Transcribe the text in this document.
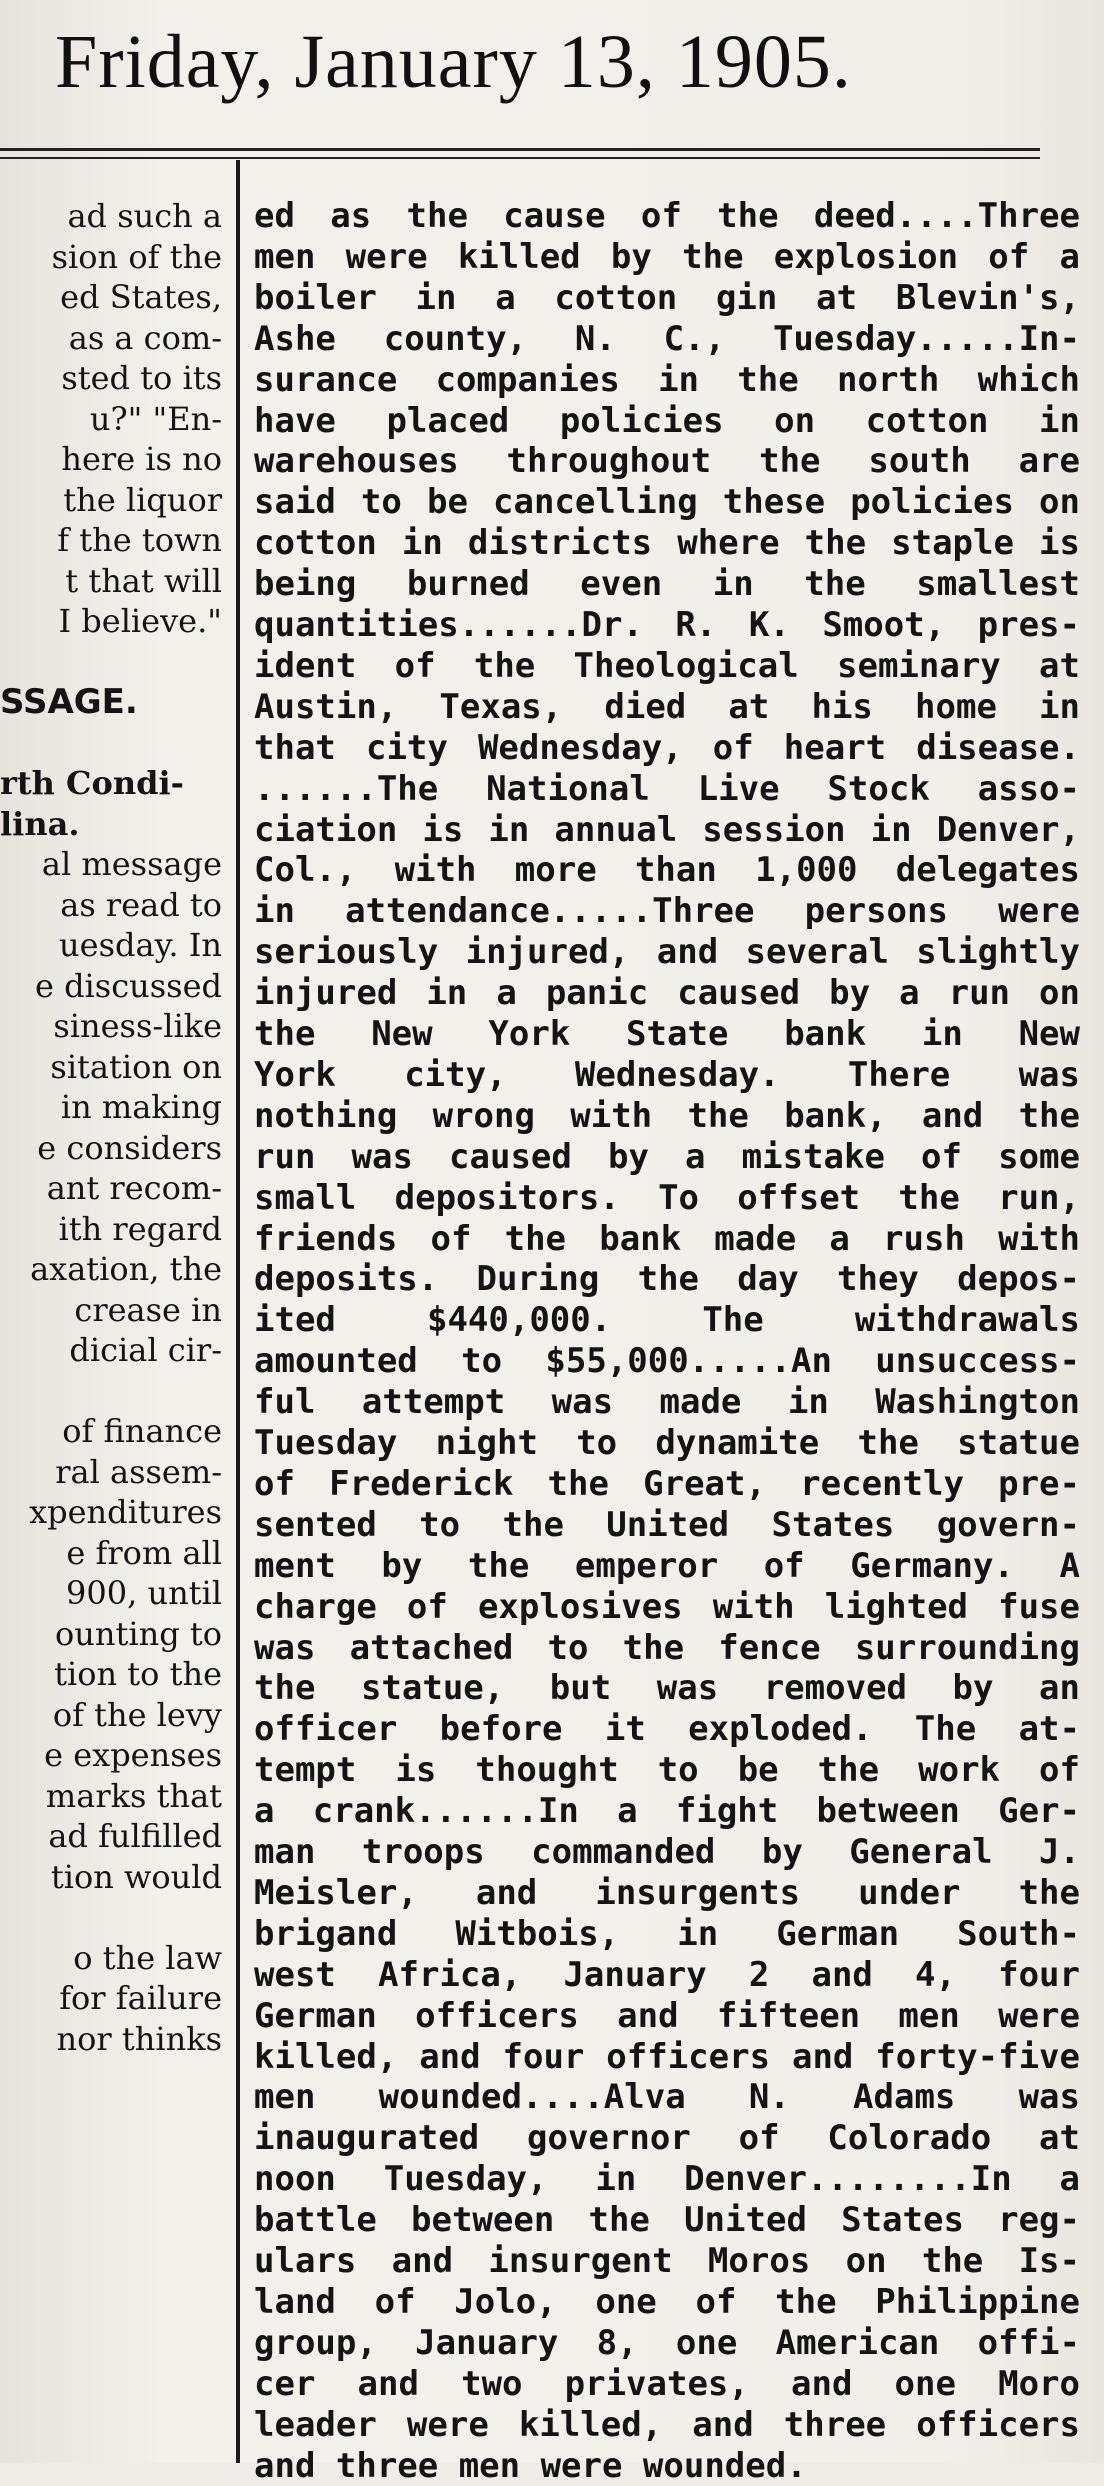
Friday, January 13, 1905.
ad such a
sion of the
ed States,
as a com-
sted to its
u?" "En-
here is no
the liquor
f the town
t that will
I believe."
SSAGE.
rth Condi-
lina.
al message
as read to
uesday. In
e discussed
siness-like
sitation on
in making
e considers
ant recom-
ith regard
axation, the
crease in
dicial cir-
of finance
ral assem-
xpenditures
e from all
900, until
ounting to
tion to the
of the levy
e expenses
marks that
ad fulfilled
tion would
o the law
for failure
nor thinks
ed as the cause of the deed....Three
men were killed by the explosion of a
boiler in a cotton gin at Blevin's,
Ashe county, N. C., Tuesday.....In-
surance companies in the north which
have placed policies on cotton in
warehouses throughout the south are
said to be cancelling these policies on
cotton in districts where the staple is
being burned even in the smallest
quantities......Dr. R. K. Smoot, pres-
ident of the Theological seminary at
Austin, Texas, died at his home in
that city Wednesday, of heart disease.
......The National Live Stock asso-
ciation is in annual session in Denver,
Col., with more than 1,000 delegates
in attendance.....Three persons were
seriously injured, and several slightly
injured in a panic caused by a run on
the New York State bank in New
York city, Wednesday. There was
nothing wrong with the bank, and the
run was caused by a mistake of some
small depositors. To offset the run,
friends of the bank made a rush with
deposits. During the day they depos-
ited $440,000. The withdrawals
amounted to $55,000.....An unsuccess-
ful attempt was made in Washington
Tuesday night to dynamite the statue
of Frederick the Great, recently pre-
sented to the United States govern-
ment by the emperor of Germany. A
charge of explosives with lighted fuse
was attached to the fence surrounding
the statue, but was removed by an
officer before it exploded. The at-
tempt is thought to be the work of
a crank......In a fight between Ger-
man troops commanded by General J.
Meisler, and insurgents under the
brigand Witbois, in German South-
west Africa, January 2 and 4, four
German officers and fifteen men were
killed, and four officers and forty-five
men wounded....Alva N. Adams was
inaugurated governor of Colorado at
noon Tuesday, in Denver........In a
battle between the United States reg-
ulars and insurgent Moros on the Is-
land of Jolo, one of the Philippine
group, January 8, one American offi-
cer and two privates, and one Moro
leader were killed, and three officers
and three men were wounded.
